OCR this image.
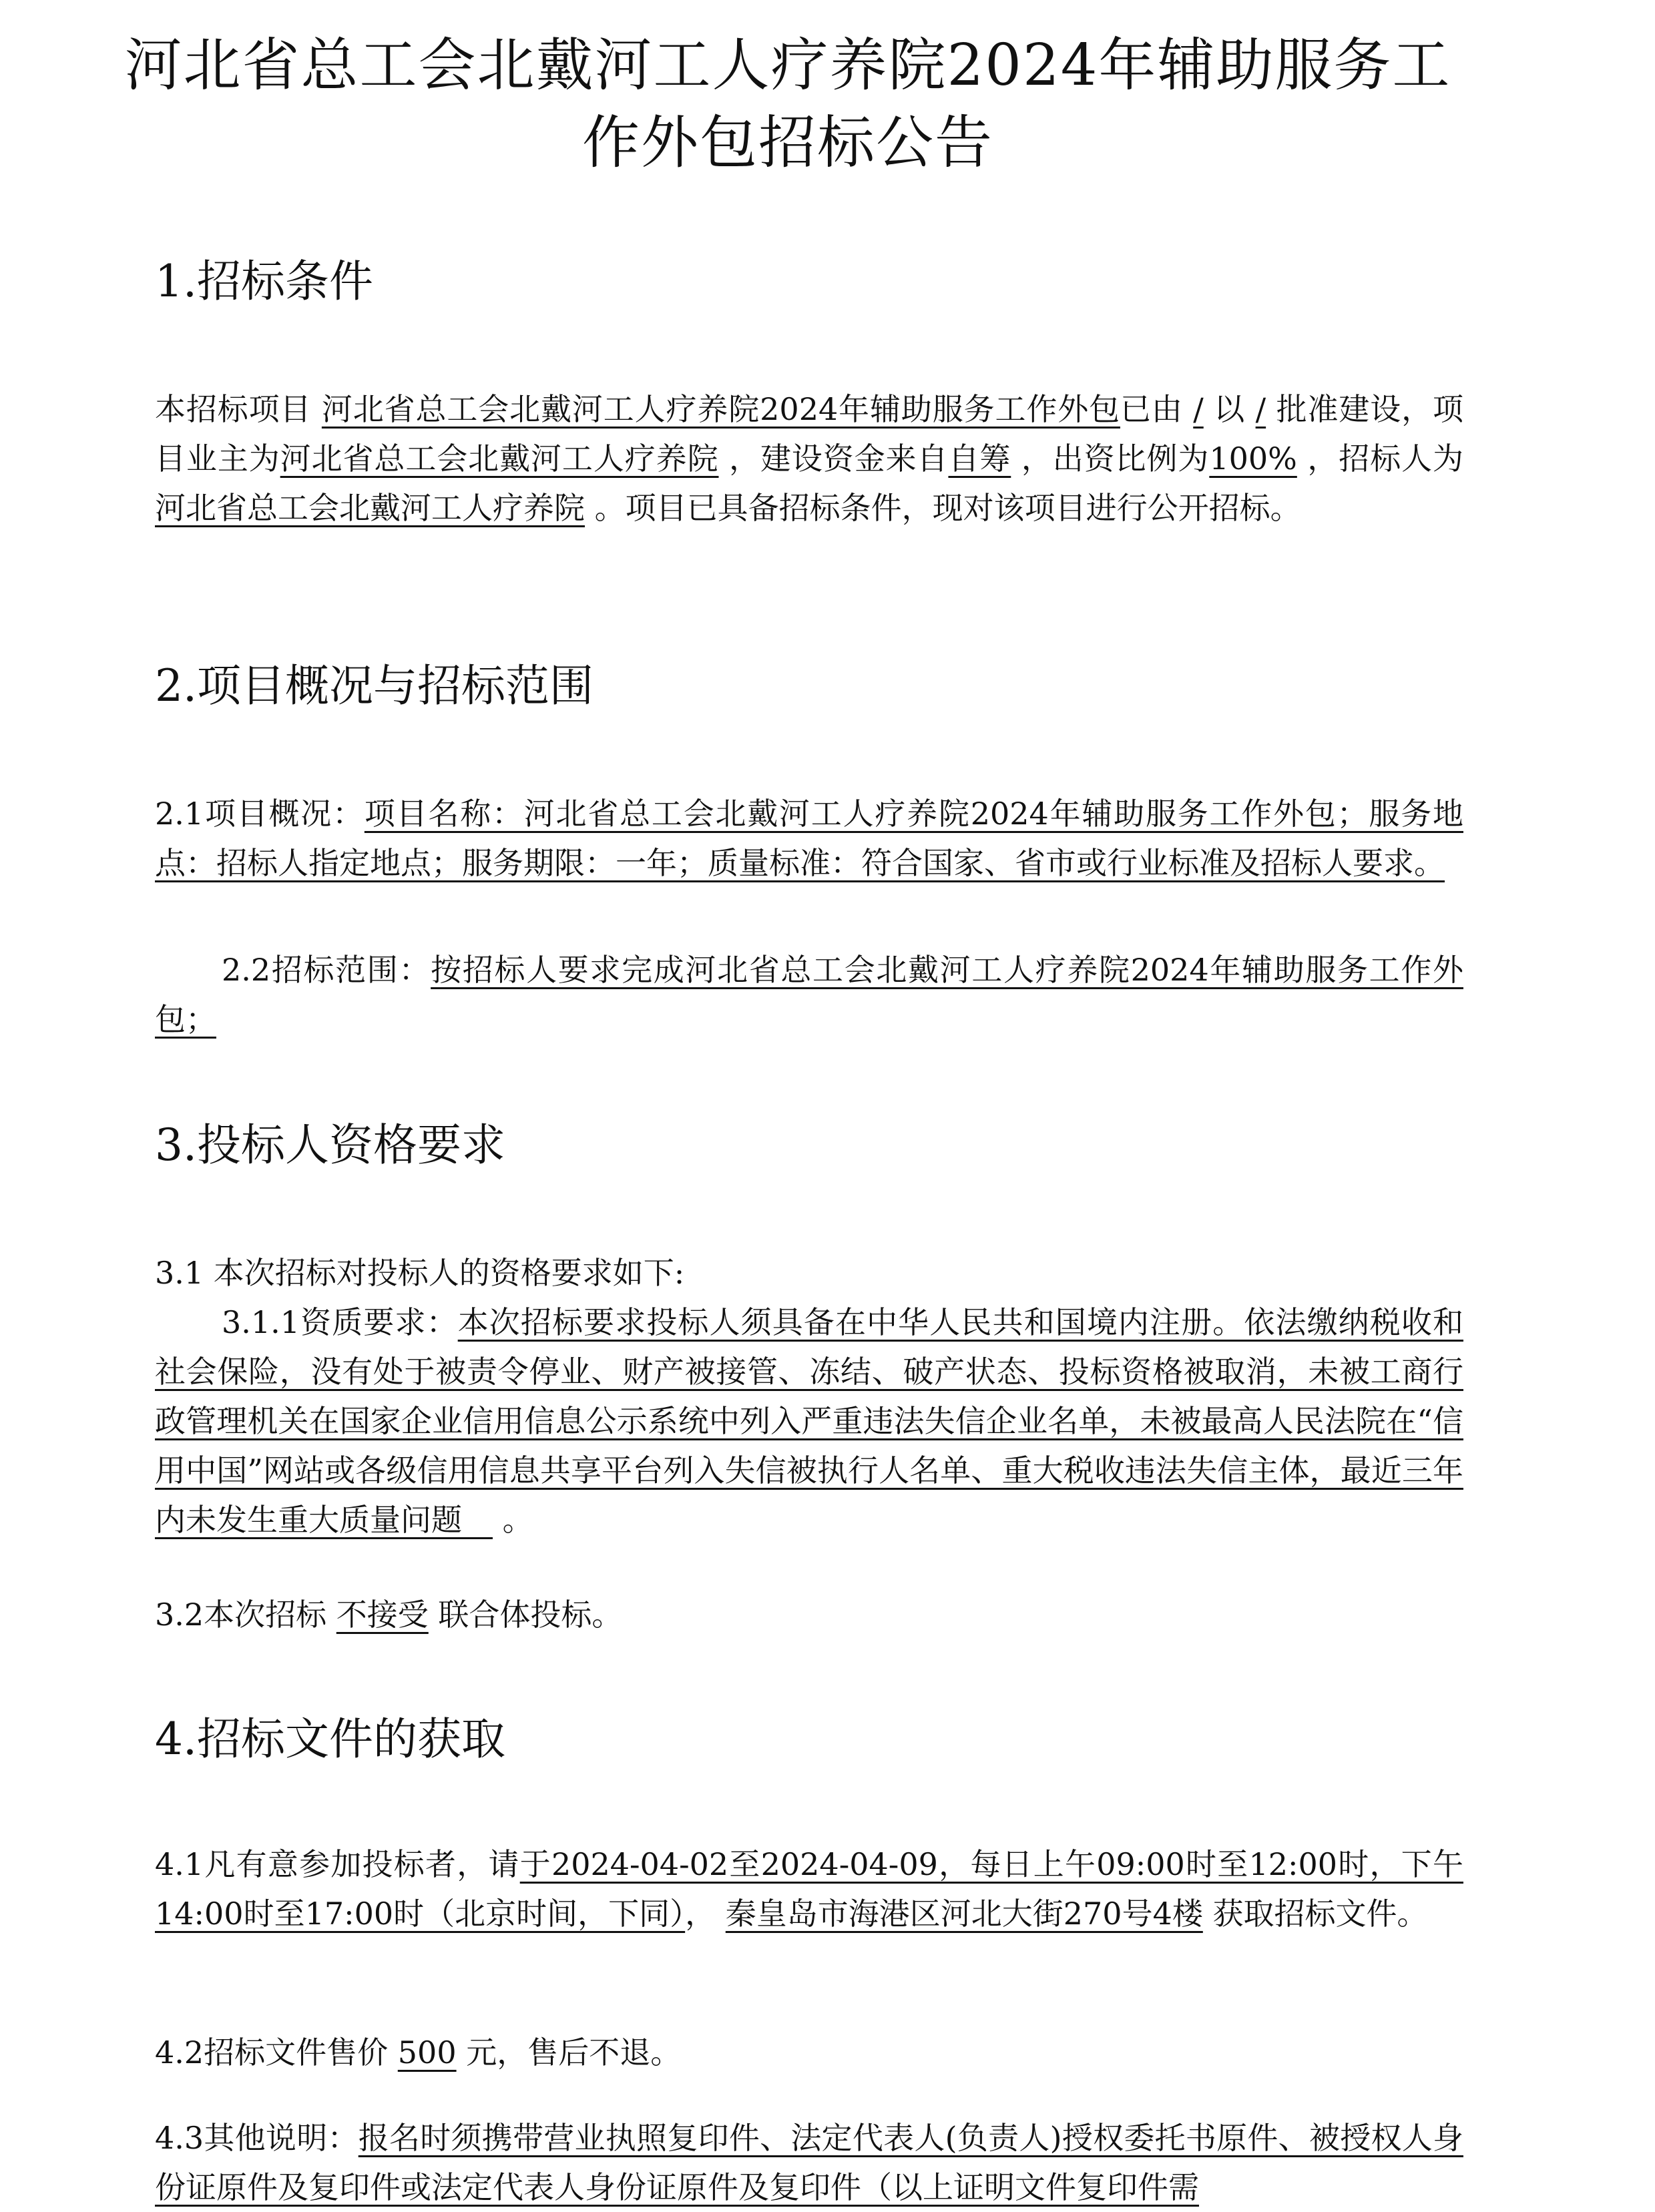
河北省总工会北戴河工人疗养院2024年辅助服务工作外包招标公告
1.招标条件

本招标项目 河北省总工会北戴河工人疗养院2024年辅助服务工作外包已由 / 以 / 批准建设，项目业主为河北省总工会北戴河工人疗养院 ，建设资金来自自筹 ，出资比例为100% ，招标人为 河北省总工会北戴河工人疗养院 。项目已具备招标条件，现对该项目进行公开招标。

2.项目概况与招标范围

2.1项目概况：项目名称：河北省总工会北戴河工人疗养院2024年辅助服务工作外包；服务地点：招标人指定地点；服务期限：一年；质量标准：符合国家、省市或行业标准及招标人要求。

2.2招标范围：按招标人要求完成河北省总工会北戴河工人疗养院2024年辅助服务工作外包；

3.投标人资格要求

3.1 本次招标对投标人的资格要求如下:

3.1.1资质要求：本次招标要求投标人须具备在中华人民共和国境内注册。依法缴纳税收和社会保险，没有处于被责令停业、财产被接管、冻结、破产状态、投标资格被取消，未被工商行政管理机关在国家企业信用信息公示系统中列入严重违法失信企业名单，未被最高人民法院在“信用中国”网站或各级信用信息共享平台列入失信被执行人名单、重大税收违法失信主体，最近三年内未发生重大质量问题　 。

3.2本次招标 不接受 联合体投标。

4.招标文件的获取

4.1凡有意参加投标者，请于2024-04-02至2024-04-09，每日上午09:00时至12:00时，下午14:00时至17:00时（北京时间，下同）， 秦皇岛市海港区河北大街270号4楼 获取招标文件。

4.2招标文件售价 500 元，售后不退。

4.3其他说明：报名时须携带营业执照复印件、法定代表人(负责人)授权委托书原件、被授权人身份证原件及复印件或法定代表人身份证原件及复印件（以上证明文件复印件需
